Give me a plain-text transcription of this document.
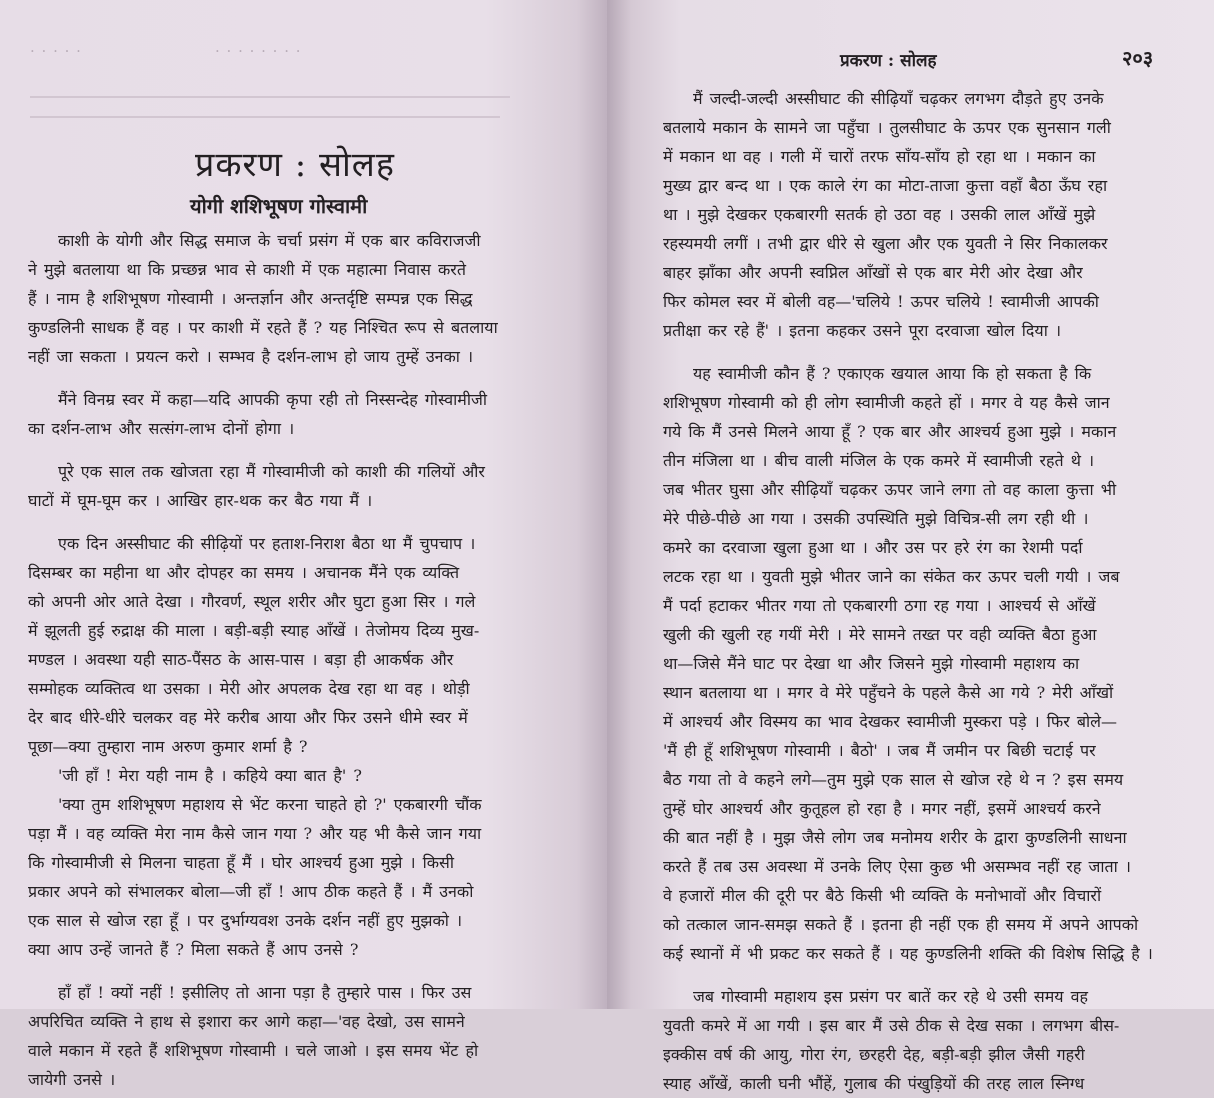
· · · · ·	· · · · · · · ·
प्रकरण : सोलह
योगी शशिभूषण गोस्वामी
काशी के योगी और सिद्ध समाज के चर्चा प्रसंग में एक बार कविराजजी
ने मुझे बतलाया था कि प्रच्छन्न भाव से काशी में एक महात्मा निवास करते
हैं । नाम है शशिभूषण गोस्वामी । अन्तर्ज्ञान और अन्तर्दृष्टि सम्पन्न एक सिद्ध
कुण्डलिनी साधक हैं वह । पर काशी में रहते हैं ? यह निश्चित रूप से बतलाया
नहीं जा सकता । प्रयत्न करो । सम्भव है दर्शन-लाभ हो जाय तुम्हें उनका ।
मैंने विनम्र स्वर में कहा—यदि आपकी कृपा रही तो निस्सन्देह गोस्वामीजी
का दर्शन-लाभ और सत्संग-लाभ दोनों होगा ।
पूरे एक साल तक खोजता रहा मैं गोस्वामीजी को काशी की गलियों और
घाटों में घूम-घूम कर । आखिर हार-थक कर बैठ गया मैं ।
एक दिन अस्सीघाट की सीढ़ियों पर हताश-निराश बैठा था मैं चुपचाप ।
दिसम्बर का महीना था और दोपहर का समय । अचानक मैंने एक व्यक्ति
को अपनी ओर आते देखा । गौरवर्ण, स्थूल शरीर और घुटा हुआ सिर । गले
में झूलती हुई रुद्राक्ष की माला । बड़ी-बड़ी स्याह आँखें । तेजोमय दिव्य मुख-
मण्डल । अवस्था यही साठ-पैंसठ के आस-पास । बड़ा ही आकर्षक और
सम्मोहक व्यक्तित्व था उसका । मेरी ओर अपलक देख रहा था वह । थोड़ी
देर बाद धीरे-धीरे चलकर वह मेरे करीब आया और फिर उसने धीमे स्वर में
पूछा—क्या तुम्हारा नाम अरुण कुमार शर्मा है ?
'जी हाँ ! मेरा यही नाम है । कहिये क्या बात है' ?
'क्या तुम शशिभूषण महाशय से भेंट करना चाहते हो ?' एकबारगी चौंक
पड़ा मैं । वह व्यक्ति मेरा नाम कैसे जान गया ? और यह भी कैसे जान गया
कि गोस्वामीजी से मिलना चाहता हूँ मैं । घोर आश्चर्य हुआ मुझे । किसी
प्रकार अपने को संभालकर बोला—जी हाँ ! आप ठीक कहते हैं । मैं उनको
एक साल से खोज रहा हूँ । पर दुर्भाग्यवश उनके दर्शन नहीं हुए मुझको ।
क्या आप उन्हें जानते हैं ? मिला सकते हैं आप उनसे ?
हाँ हाँ ! क्यों नहीं ! इसीलिए तो आना पड़ा है तुम्हारे पास । फिर उस
अपरिचित व्यक्ति ने हाथ से इशारा कर आगे कहा—'वह देखो, उस सामने
वाले मकान में रहते हैं शशिभूषण गोस्वामी । चले जाओ । इस समय भेंट हो
जायेगी उनसे ।
प्रकरण : सोलह	२०३
मैं जल्दी-जल्दी अस्सीघाट की सीढ़ियाँ चढ़कर लगभग दौड़ते हुए उनके
बतलाये मकान के सामने जा पहुँचा । तुलसीघाट के ऊपर एक सुनसान गली
में मकान था वह । गली में चारों तरफ साँय-साँय हो रहा था । मकान का
मुख्य द्वार बन्द था । एक काले रंग का मोटा-ताजा कुत्ता वहाँ बैठा ऊँघ रहा
था । मुझे देखकर एकबारगी सतर्क हो उठा वह । उसकी लाल आँखें मुझे
रहस्यमयी लगीं । तभी द्वार धीरे से खुला और एक युवती ने सिर निकालकर
बाहर झाँका और अपनी स्वप्निल आँखों से एक बार मेरी ओर देखा और
फिर कोमल स्वर में बोली वह—'चलिये ! ऊपर चलिये ! स्वामीजी आपकी
प्रतीक्षा कर रहे हैं' । इतना कहकर उसने पूरा दरवाजा खोल दिया ।
यह स्वामीजी कौन हैं ? एकाएक खयाल आया कि हो सकता है कि
शशिभूषण गोस्वामी को ही लोग स्वामीजी कहते हों । मगर वे यह कैसे जान
गये कि मैं उनसे मिलने आया हूँ ? एक बार और आश्चर्य हुआ मुझे । मकान
तीन मंजिला था । बीच वाली मंजिल के एक कमरे में स्वामीजी रहते थे ।
जब भीतर घुसा और सीढ़ियाँ चढ़कर ऊपर जाने लगा तो वह काला कुत्ता भी
मेरे पीछे-पीछे आ गया । उसकी उपस्थिति मुझे विचित्र-सी लग रही थी ।
कमरे का दरवाजा खुला हुआ था । और उस पर हरे रंग का रेशमी पर्दा
लटक रहा था । युवती मुझे भीतर जाने का संकेत कर ऊपर चली गयी । जब
मैं पर्दा हटाकर भीतर गया तो एकबारगी ठगा रह गया । आश्चर्य से आँखें
खुली की खुली रह गयीं मेरी । मेरे सामने तख्त पर वही व्यक्ति बैठा हुआ
था—जिसे मैंने घाट पर देखा था और जिसने मुझे गोस्वामी महाशय का
स्थान बतलाया था । मगर वे मेरे पहुँचने के पहले कैसे आ गये ? मेरी आँखों
में आश्चर्य और विस्मय का भाव देखकर स्वामीजी मुस्करा पड़े । फिर बोले—
'मैं ही हूँ शशिभूषण गोस्वामी । बैठो' । जब मैं जमीन पर बिछी चटाई पर
बैठ गया तो वे कहने लगे—तुम मुझे एक साल से खोज रहे थे न ? इस समय
तुम्हें घोर आश्चर्य और कुतूहल हो रहा है । मगर नहीं, इसमें आश्चर्य करने
की बात नहीं है । मुझ जैसे लोग जब मनोमय शरीर के द्वारा कुण्डलिनी साधना
करते हैं तब उस अवस्था में उनके लिए ऐसा कुछ भी असम्भव नहीं रह जाता ।
वे हजारों मील की दूरी पर बैठे किसी भी व्यक्ति के मनोभावों और विचारों
को तत्काल जान-समझ सकते हैं । इतना ही नहीं एक ही समय में अपने आपको
कई स्थानों में भी प्रकट कर सकते हैं । यह कुण्डलिनी शक्ति की विशेष सिद्धि है ।
जब गोस्वामी महाशय इस प्रसंग पर बातें कर रहे थे उसी समय वह
युवती कमरे में आ गयी । इस बार मैं उसे ठीक से देख सका । लगभग बीस-
इक्कीस वर्ष की आयु, गोरा रंग, छरहरी देह, बड़ी-बड़ी झील जैसी गहरी
स्याह आँखें, काली घनी भौंहें, गुलाब की पंखुड़ियों की तरह लाल स्निग्ध
